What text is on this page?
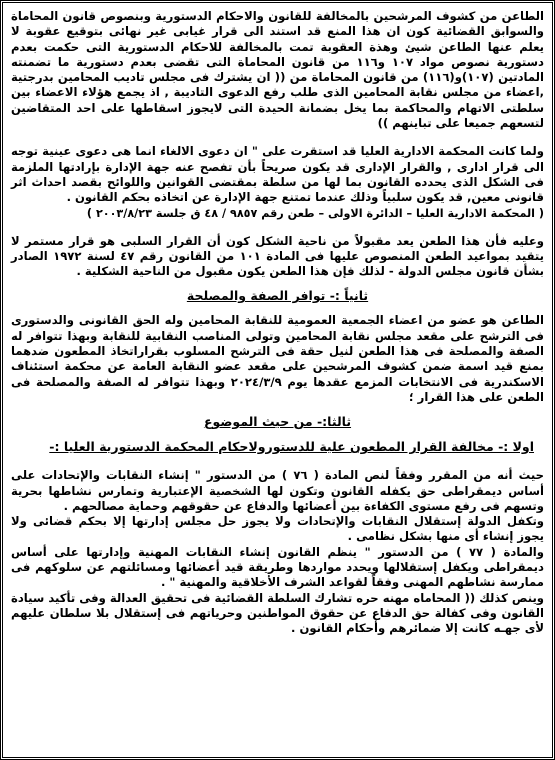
الطاعن من كشوف المرشحين بالمخالفة للقانون والاحكام الدستورية وبنصوص قانون المحاماة والسوابق القضائية كون ان هذا المنع قد استند الى قرار غيابى غير نهائى بتوقيع عقوبة لا يعلم عنها الطاعن شيئ وهذة العقوبة تمت بالمخالفة للاحكام الدستورية التى حكمت بعدم دستورية نصوص مواد ١٠٧ و١١٦ من قانون المحاماة التى تقضى بعدم دستورية ما تضمنته المادتين (١٠٧)و(١١٦) من قانون المحاماة من (( ان يشترك فى مجلس تاديب المحامين بدرجتية ,اعضاء من مجلس نقابة المحامين الذى طلب رفع الدعوى التاديبة , اذ يجمع هؤلاء الاعضاء بين سلطتى الاتهام والمحاكمة بما يخل بضمانة الحيدة التى لايجوز اسقاطها على احد المتقاضين لتسعهم جميعا على تباينهم ))

ولما كانت المحكمة الادارية العليا قد استقرت على " ان دعوى الالغاء انما هى دعوى عينية توجه الى قرار ادارى , والقرار الإدارى قد يكون صريحاً بأن تفصح عنه جهة الإدارة بإرادتها الملزمة فى الشكل الذى يحدده القانون بما لها من سلطة بمقتضى القوانين واللوائح بقصد احداث اثر قانونى معين, قد يكون سلبياً وذلك عندما تمتنع جهة الإدارة عن اتخاذه بحكم القانون .

( المحكمة الادارية العليا – الدائرة الاولى – طعن رقم ٩٨٥٧ / ٤٨ ق جلسة ٢٠٠٣/٨/٢٣ )

وعليه فأن هذا الطعن يعد مقبولاً من ناحية الشكل كون أن القرار السلبى هو قرار مستمر لا يتقيد بمواعيد الطعن المنصوص عليها فى المادة ١٠١ من القانون رقم ٤٧ لسنة ١٩٧٢ الصادر بشأن قانون مجلس الدولة - لذلك فإن هذا الطعن يكون مقبول من الناحية الشكلية .

ثانياً :- توافر الصفة والمصلحة

الطاعن هو عضو من اعضاء الجمعية العمومية للنقابة المحامين وله الحق القانونى والدستورى فى الترشح على مقعد مجلس نقابة المحامين وتولى المناصب النقابية للنقابة وبهذا تتوافر له الصفة والمصلحة فى هذا الطعن لنيل حقة فى الترشح المسلوب بقراراتخاذ المطعون ضدهما بمنع قيد اسمة ضمن كشوف المرشحين على مقعد عضو النقابة العامة عن محكمة استئناف الاسكندرية فى الانتخابات المزمع عقدها يوم ٢٠٢٤/٣/٩ وبهذا تتوافر له الصفة والمصلحة فى الطعن على هذا القرار ؛

ثالثا:- من حيث الموضوع

اولا :- مخالفة القرار المطعون علية للدستورولاحكام المحكمة الدستورية العليا :-

حيث أنه من المقرر وفقاً لنص المادة ( ٧٦ ) من الدستور " إنشاء النقابات والإتحادات على أساس ديمقراطى حق يكفله القانون وتكون لها الشخصية الإعتبارية وتمارس نشاطها بحرية وتسهم فى رفع مستوى الكفاءة بين أعضائها والدفاع عن حقوقهم وحماية مصالحهم .

وتكفل الدولة إستقلال النقابات والإتحادات ولا يجوز حل مجلس إدارتها إلا بحكم قضائى ولا يجوز إنشاء أى منها بشكل نظامى .

والمادة ( ٧٧ ) من الدستور " ينظم القانون إنشاء النقابات المهنية وإدارتها على أساس ديمقراطى ويكفل إستقلالها ويحدد مواردها وطريقة قيد أعضائها ومسائلتهم عن سلوكهم فى ممارسة نشاطهم المهنى وفقاً لقواعد الشرف الأخلاقية والمهنية " .

وينص كذلك (( المحاماه مهنه حره تشارك السلطة القضائية فى تحقيق العدالة وفى تأكيد سيادة القانون وفى كفالة حق الدفاع عن حقوق المواطنين وحرياتهم فى إستقلال بلا سلطان عليهم لأى جهـه كانت إلا ضمائرهم وأحكام القانون .
